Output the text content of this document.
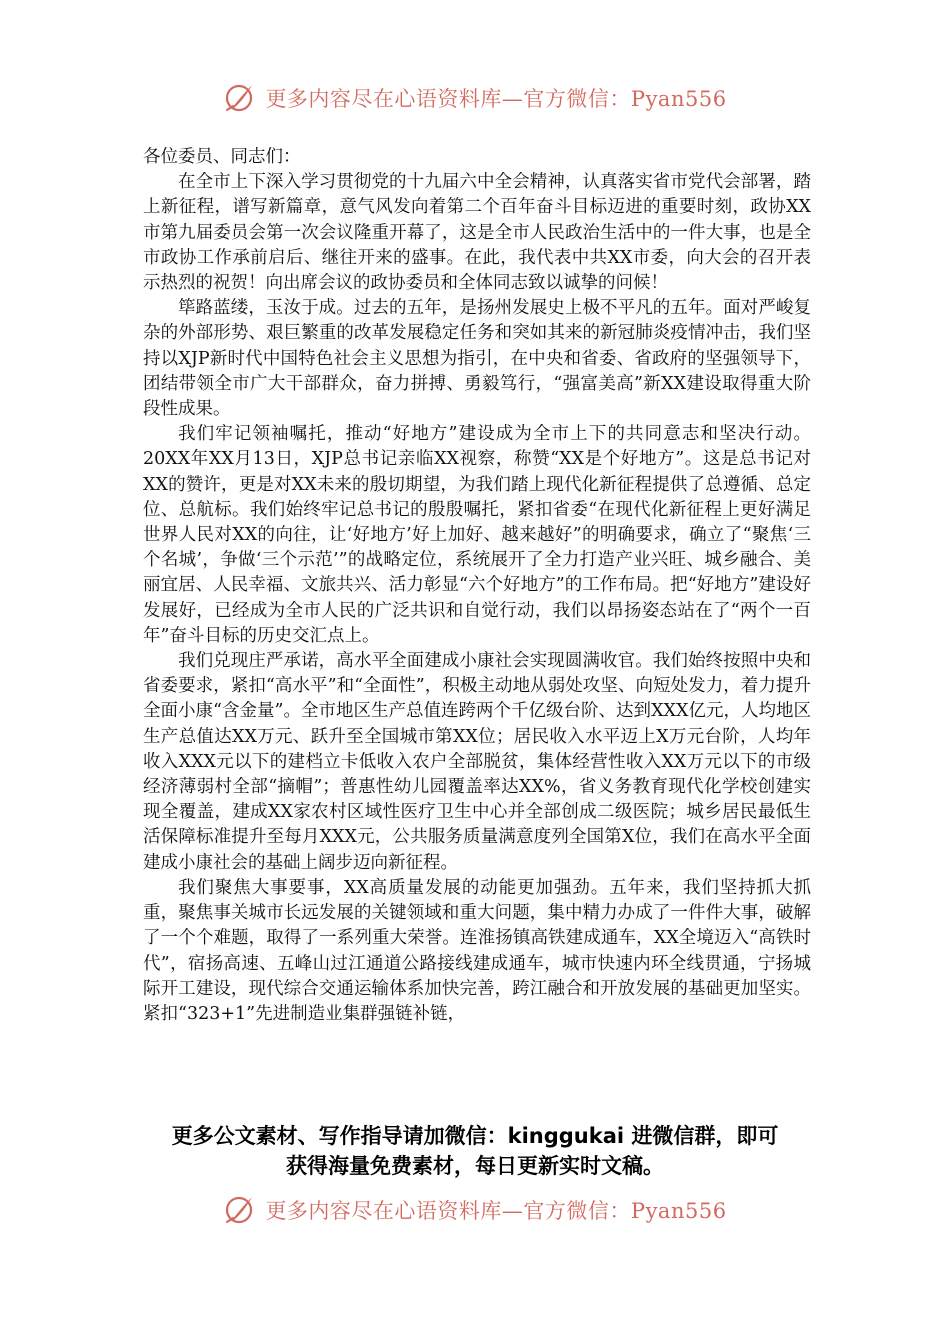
更多内容尽在心语资料库—官方微信：Pyan556

各位委员、同志们：

在全市上下深入学习贯彻党的十九届六中全会精神，认真落实省市党代会部署，踏上新征程，谱写新篇章，意气风发向着第二个百年奋斗目标迈进的重要时刻，政协XX市第九届委员会第一次会议隆重开幕了，这是全市人民政治生活中的一件大事，也是全市政协工作承前启后、继往开来的盛事。在此，我代表中共XX市委，向大会的召开表示热烈的祝贺！向出席会议的政协委员和全体同志致以诚挚的问候！

筚路蓝缕，玉汝于成。过去的五年，是扬州发展史上极不平凡的五年。面对严峻复杂的外部形势、艰巨繁重的改革发展稳定任务和突如其来的新冠肺炎疫情冲击，我们坚持以XJP新时代中国特色社会主义思想为指引，在中央和省委、省政府的坚强领导下，团结带领全市广大干部群众，奋力拼搏、勇毅笃行，“强富美高”新XX建设取得重大阶段性成果。

我们牢记领袖嘱托，推动“好地方”建设成为全市上下的共同意志和坚决行动。20XX年XX月13日，XJP总书记亲临XX视察，称赞“XX是个好地方”。这是总书记对XX的赞许，更是对XX未来的殷切期望，为我们踏上现代化新征程提供了总遵循、总定位、总航标。我们始终牢记总书记的殷殷嘱托，紧扣省委“在现代化新征程上更好满足世界人民对XX的向往，让‘好地方’好上加好、越来越好”的明确要求，确立了“聚焦‘三个名城’，争做‘三个示范’”的战略定位，系统展开了全力打造产业兴旺、城乡融合、美丽宜居、人民幸福、文旅共兴、活力彰显“六个好地方”的工作布局。把“好地方”建设好发展好，已经成为全市人民的广泛共识和自觉行动，我们以昂扬姿态站在了“两个一百年”奋斗目标的历史交汇点上。

我们兑现庄严承诺，高水平全面建成小康社会实现圆满收官。我们始终按照中央和省委要求，紧扣“高水平”和“全面性”，积极主动地从弱处攻坚、向短处发力，着力提升全面小康“含金量”。全市地区生产总值连跨两个千亿级台阶、达到XXX亿元，人均地区生产总值达XX万元、跃升至全国城市第XX位；居民收入水平迈上X万元台阶，人均年收入XXX元以下的建档立卡低收入农户全部脱贫，集体经营性收入XX万元以下的市级经济薄弱村全部“摘帽”；普惠性幼儿园覆盖率达XX%，省义务教育现代化学校创建实现全覆盖，建成XX家农村区域性医疗卫生中心并全部创成二级医院；城乡居民最低生活保障标准提升至每月XXX元，公共服务质量满意度列全国第X位，我们在高水平全面建成小康社会的基础上阔步迈向新征程。

我们聚焦大事要事，XX高质量发展的动能更加强劲。五年来，我们坚持抓大抓重，聚焦事关城市长远发展的关键领域和重大问题，集中精力办成了一件件大事，破解了一个个难题，取得了一系列重大荣誉。连淮扬镇高铁建成通车，XX全境迈入“高铁时代”，宿扬高速、五峰山过江通道公路接线建成通车，城市快速内环全线贯通，宁扬城际开工建设，现代综合交通运输体系加快完善，跨江融合和开放发展的基础更加坚实。紧扣“323+1”先进制造业集群强链补链，

更多公文素材、写作指导请加微信：kinggukai 进微信群，即可
获得海量免费素材，每日更新实时文稿。
更多内容尽在心语资料库—官方微信：Pyan556
